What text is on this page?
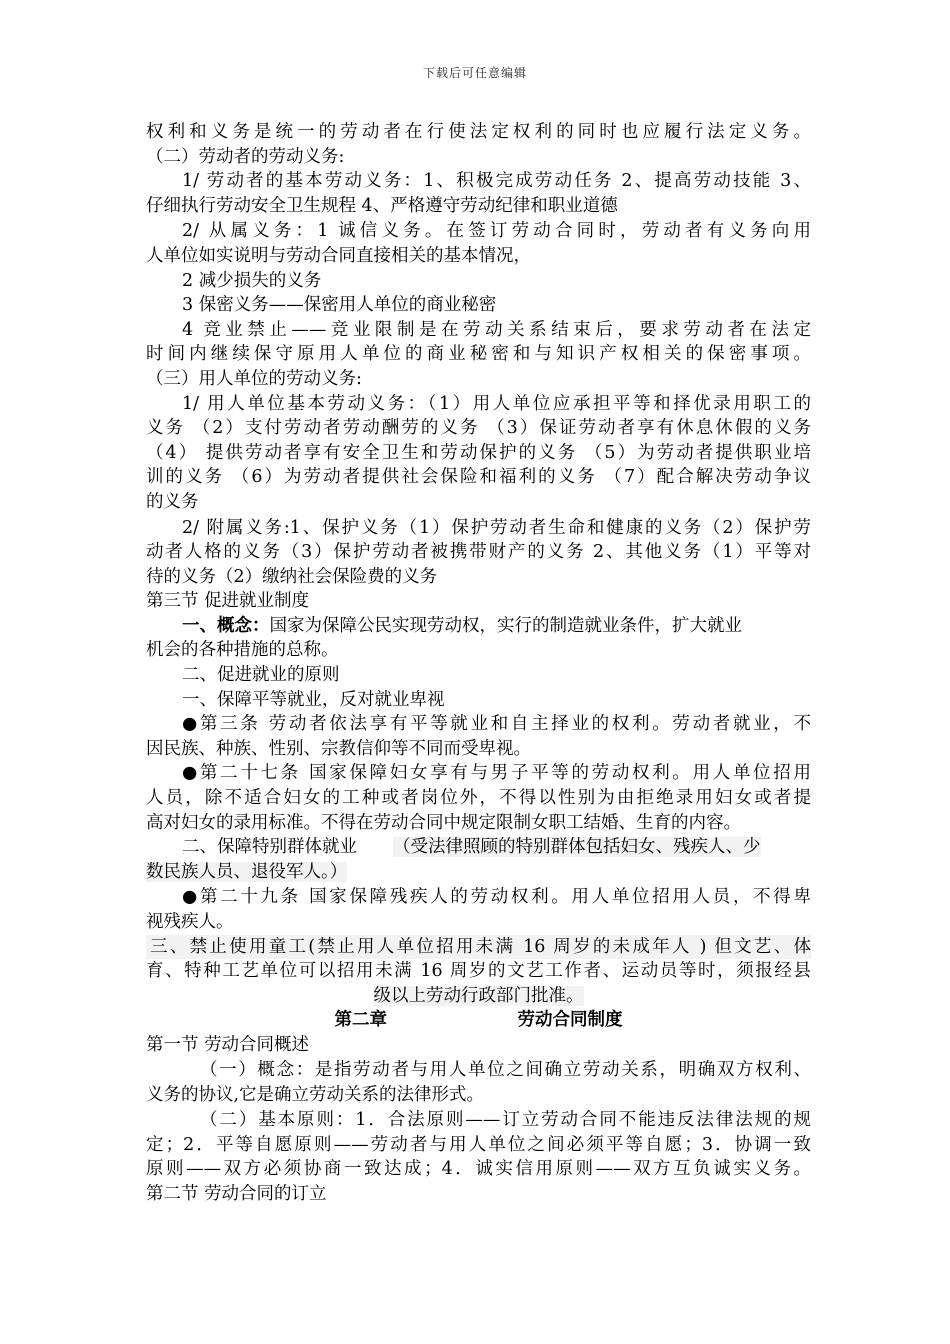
下载后可任意编辑
权利和义务是统一的劳动者在行使法定权利的同时也应履行法定义务。
（二）劳动者的劳动义务:
1/ 劳动者的基本劳动义务：1、积极完成劳动任务 2、提高劳动技能 3、
仔细执行劳动安全卫生规程 4、严格遵守劳动纪律和职业道德
2/ 从属义务：1 诚信义务。在签订劳动合同时，劳动者有义务向用
人单位如实说明与劳动合同直接相关的基本情况，
2 减少损失的义务
3 保密义务——保密用人单位的商业秘密
4 竞业禁止——竞业限制是在劳动关系结束后，要求劳动者在法定
时间内继续保守原用人单位的商业秘密和与知识产权相关的保密事项。
（三）用人单位的劳动义务:
1/ 用人单位基本劳动义务：（1）用人单位应承担平等和择优录用职工的
义务 （2）支付劳动者劳动酬劳的义务 （3）保证劳动者享有休息休假的义务
（4） 提供劳动者享有安全卫生和劳动保护的义务 （5）为劳动者提供职业培
训的义务 （6）为劳动者提供社会保险和福利的义务 （7）配合解决劳动争议
的义务
2/ 附属义务:1、保护义务（1）保护劳动者生命和健康的义务（2）保护劳
动者人格的义务（3）保护劳动者被携带财产的义务 2、其他义务（1）平等对
待的义务（2）缴纳社会保险费的义务
第三节 促进就业制度
一、概念：国家为保障公民实现劳动权，实行的制造就业条件，扩大就业
机会的各种措施的总称。
二、促进就业的原则
一、保障平等就业，反对就业卑视
●第三条 劳动者依法享有平等就业和自主择业的权利。劳动者就业，不
因民族、种族、性别、宗教信仰等不同而受卑视。
●第二十七条 国家保障妇女享有与男子平等的劳动权利。用人单位招用
人员，除不适合妇女的工种或者岗位外，不得以性别为由拒绝录用妇女或者提
高对妇女的录用标准。不得在劳动合同中规定限制女职工结婚、生育的内容。
二、保障特别群体就业 （受法律照顾的特别群体包括妇女、残疾人、少
数民族人员、退役军人。）
●第二十九条 国家保障残疾人的劳动权利。用人单位招用人员，不得卑
视残疾人。
三、禁止使用童工(禁止用人单位招用未满 16 周岁的未成年人 ) 但文艺、体
育、特种工艺单位可以招用未满 16 周岁的文艺工作者、运动员等时，须报经县
级以上劳动行政部门批准。
第二章	劳动合同制度
第一节 劳动合同概述
（一）概念：是指劳动者与用人单位之间确立劳动关系，明确双方权利、
义务的协议,它是确立劳动关系的法律形式。
（二）基本原则：1．合法原则——订立劳动合同不能违反法律法规的规
定；2．平等自愿原则——劳动者与用人单位之间必须平等自愿；3．协调一致
原则——双方必须协商一致达成；4．诚实信用原则——双方互负诚实义务。
第二节 劳动合同的订立
